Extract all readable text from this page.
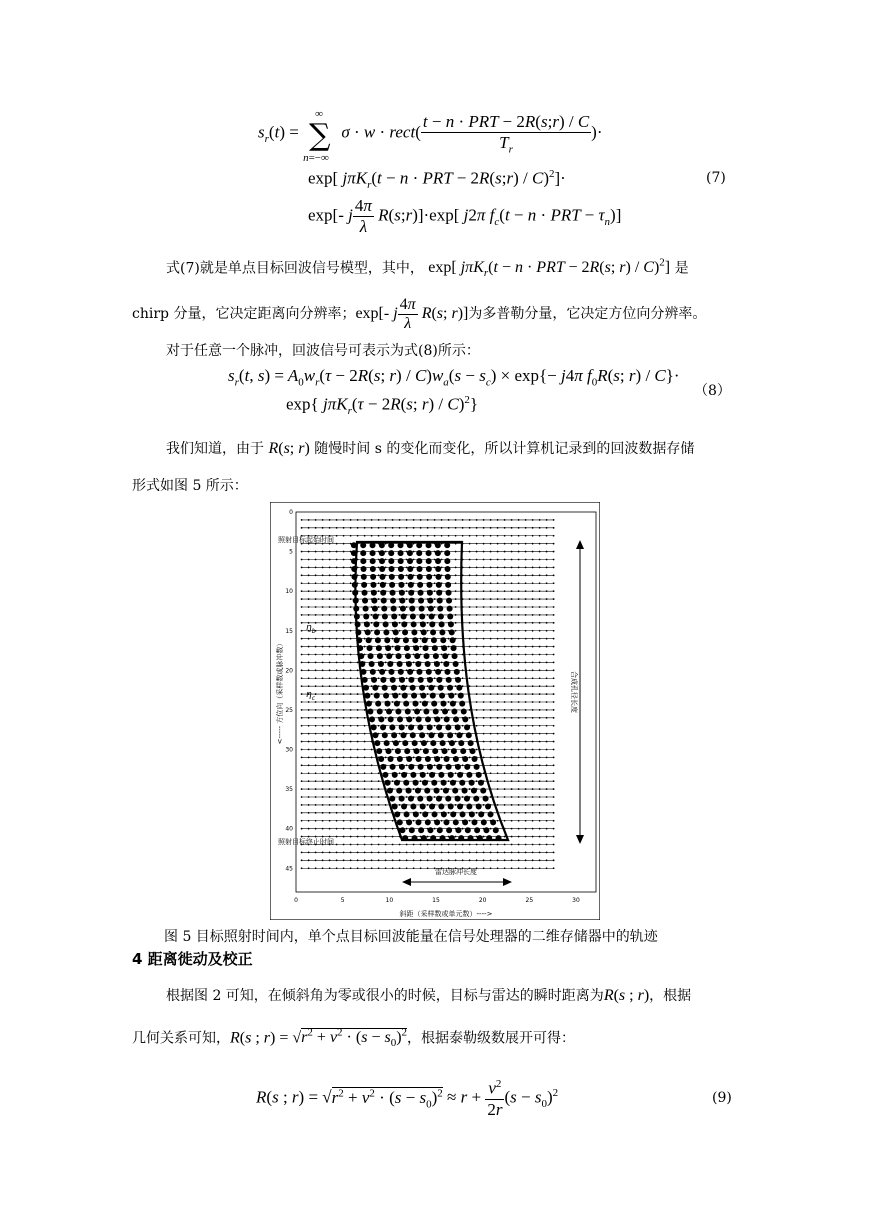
$s_r(t)$ =
∞
∑
n=−∞
σ · w · rect( $\frac{\text{t − n · PRT − 2R(s;r) / C}}{T_r}$ )·
exp[ jπK$_r$(t − n · PRT − 2R(s;r) / C)$^2$]·
exp[- j $\frac{4\pi}{\lambda}$ R(s;r)]·exp[ j2π $f_c(t - n$ · PRT − $\tau_n$)]
(7)
式(7)就是单点目标回波信号模型，其中， exp[ jπK$_r$(t − n · PRT − 2R(s; r) / C)$^2$] 是
chirp 分量，它决定距离向分辨率；exp[- j $\frac{4\pi}{\lambda} R(s$; r)]为多普勒分量，它决定方位向分辨率。
对于任意一个脉冲，回波信号可表示为式(8)所示：
$s_r(t$, $s) = A_0w_r(\tau - 2R(s$; $r) / C)w_a(s - s_c) \times \exp\{- j4\pi$ $f_0R(s$; r) / C}·
exp{ jπK$_r$(τ − 2R(s; r) / C)$^2$}
（8）
我们知道，由于 R(s; r) 随慢时间 s 的变化而变化，所以计算机记录到的回波数据存储
形式如图 5 所示：
0	5	10	15	20	25	30
0
5
10
15
20
25
30
35
40
45
照射目标起始时间
照射目标终止时间
$\eta_b$
$\eta_c$
雷达脉冲长度
合成孔径长度
<----- 方位向（采样数或脉冲数）
斜距（采样数或单元数）---->
图 5 目标照射时间内，单个点目标回波能量在信号处理器的二维存储器中的轨迹
4 距离徙动及校正
根据图 2 可知，在倾斜角为零或很小的时候，目标与雷达的瞬时距离为R(s ; r)，根据
几何关系可知，R(s ; $r) = √r^2 + v^2 \cdot (s - s_0)^2$，根据泰勒级数展开可得：
R(s ; $r) = √r^2 + v^2 \cdot (s - s_0)^2 \approx r + \frac{v^2}{2r} (s - s_0)^2$	(9)
